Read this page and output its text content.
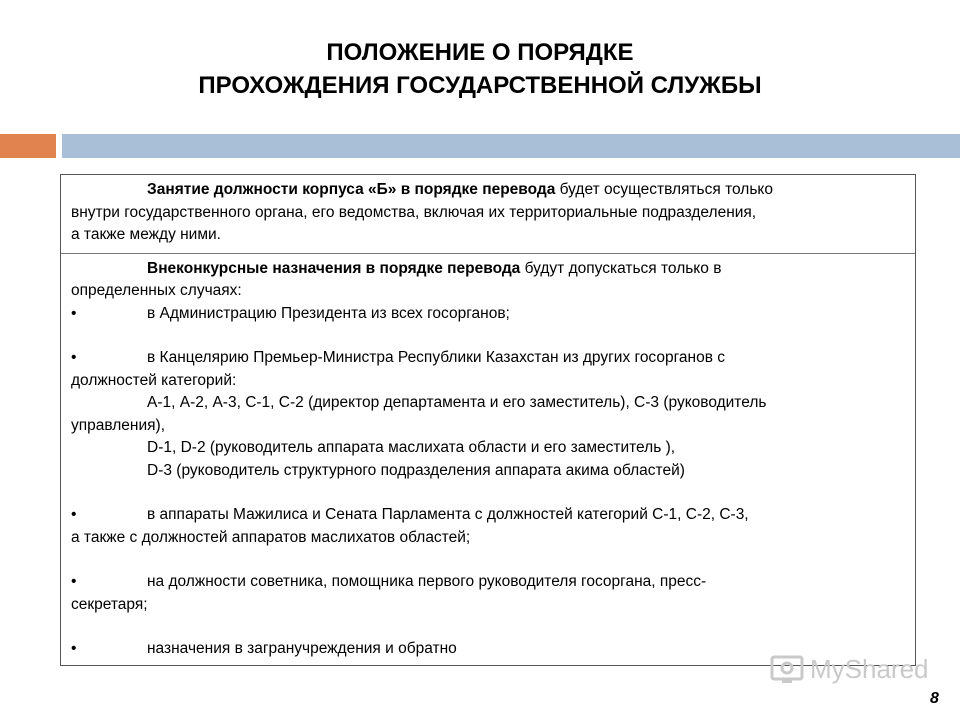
ПОЛОЖЕНИЕ О ПОРЯДКЕ
ПРОХОЖДЕНИЯ ГОСУДАРСТВЕННОЙ СЛУЖБЫ
Занятие должности корпуса «Б» в порядке перевода будет осуществляться только
внутри государственного органа, его ведомства, включая их территориальные подразделения,
а также между ними.
Внеконкурсные назначения в порядке перевода будут допускаться только в
определенных случаях:
•	в Администрацию Президента из всех госорганов;
•	в Канцелярию Премьер-Министра Республики Казахстан из других госорганов с
должностей категорий:
А-1, А-2, А-3, С-1, С-2 (директор департамента и его заместитель), С-3 (руководитель
управления),
D-1, D-2 (руководитель аппарата маслихата области и его заместитель ),
D-3 (руководитель структурного подразделения аппарата акима областей)
•	в аппараты Мажилиса и Сената Парламента с должностей категорий С-1, С-2, С-3,
а также с должностей аппаратов маслихатов областей;
•	на должности советника, помощника первого руководителя госоргана, пресс-
секретаря;
•	назначения в загранучреждения и обратно
MyShared
8
